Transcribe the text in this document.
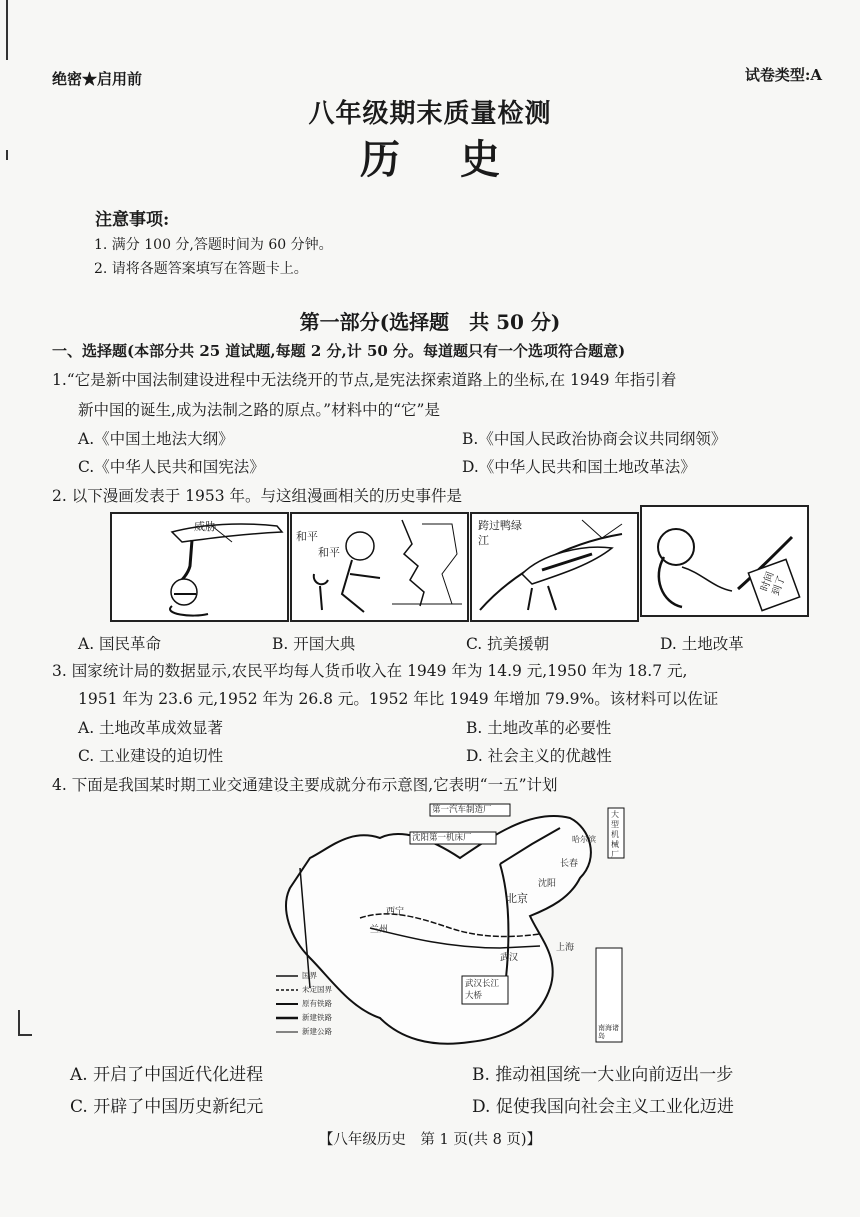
绝密★启用前	试卷类型:A
八年级期末质量检测
历史
注意事项:
1. 满分 100 分,答题时间为 60 分钟。
2. 请将各题答案填写在答题卡上。
第一部分(选择题　共 50 分)
一、选择题(本部分共 25 道试题,每题 2 分,计 50 分。每道题只有一个选项符合题意)
1.“它是新中国法制建设进程中无法绕开的节点,是宪法探索道路上的坐标,在 1949 年指引着
新中国的诞生,成为法制之路的原点。”材料中的“它”是
A.《中国土地法大纲》	B.《中国人民政治协商会议共同纲领》
C.《中华人民共和国宪法》	D.《中华人民共和国土地改革法》
2. 以下漫画发表于 1953 年。与这组漫画相关的历史事件是
威胁
和平
和平
跨过鸭绿江
时间到了
A. 国民革命	B. 开国大典	C. 抗美援朝	D. 土地改革
3. 国家统计局的数据显示,农民平均每人货币收入在 1949 年为 14.9 元,1950 年为 18.7 元,
1951 年为 23.6 元,1952 年为 26.8 元。1952 年比 1949 年增加 79.9%。该材料可以佐证
A. 土地改革成效显著	B. 土地改革的必要性
C. 工业建设的迫切性	D. 社会主义的优越性
4. 下面是我国某时期工业交通建设主要成就分布示意图,它表明“一五”计划
第一汽车制造厂
沈阳第一机床厂
大型机械厂
武汉长江大桥
北京
沈阳
长春
哈尔滨
西宁
兰州
武汉
上海
国界
未定国界
原有铁路
新建铁路
新建公路	南海诸岛
A. 开启了中国近代化进程	B. 推动祖国统一大业向前迈出一步
C. 开辟了中国历史新纪元	D. 促使我国向社会主义工业化迈进
【八年级历史　第 1 页(共 8 页)】
